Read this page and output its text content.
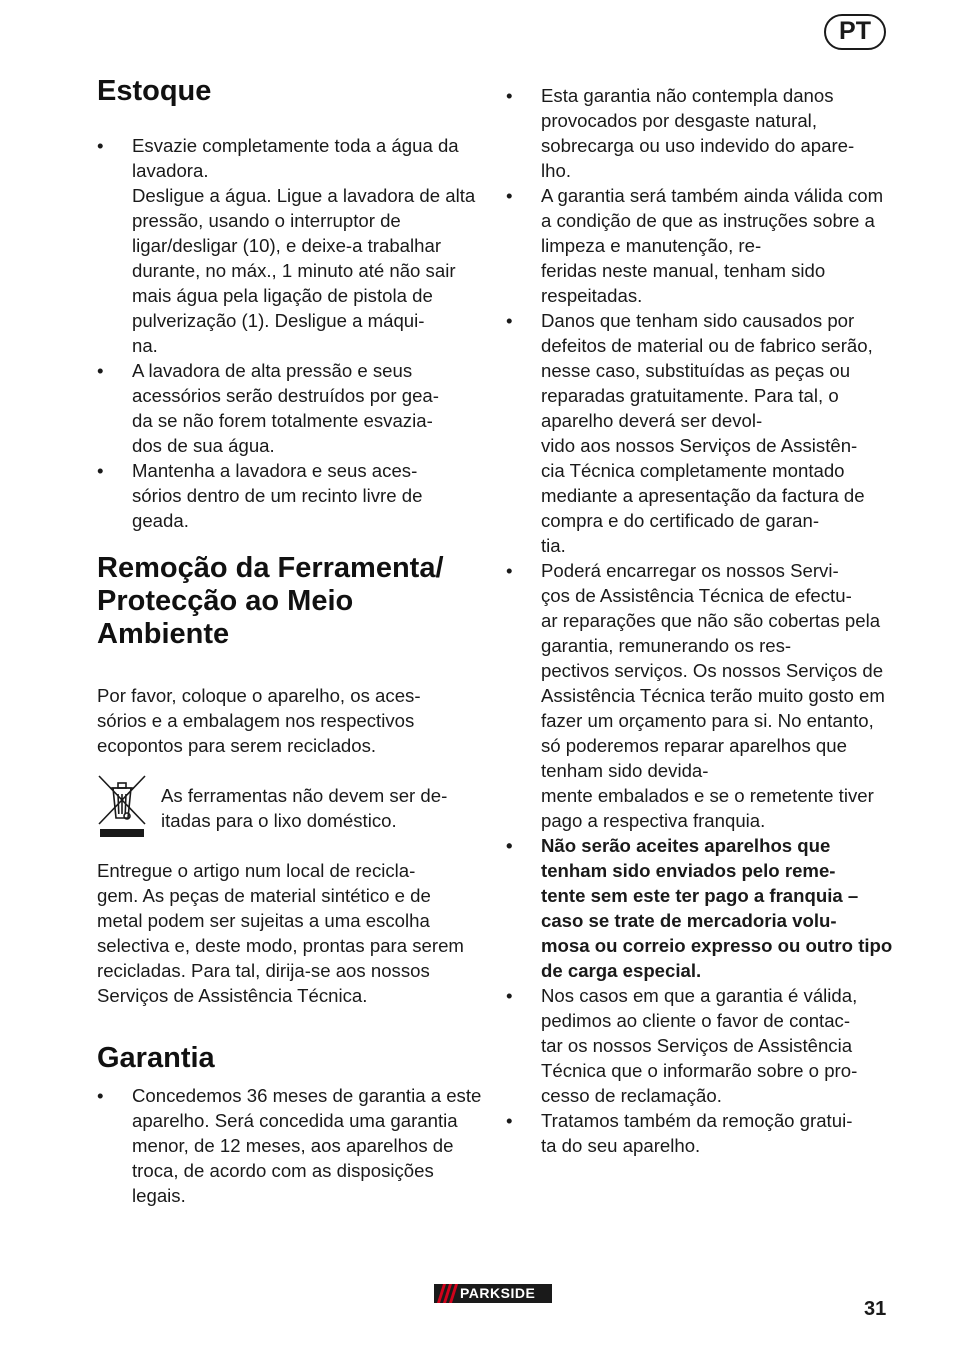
PT
Estoque
• Esvazie completamente toda a água da lavadora.
Desligue a água. Ligue a lavadora de alta pressão, usando o interruptor de ligar/desligar (10), e deixe-a trabalhar durante, no máx., 1 minuto até não sair mais água pela ligação de pistola de pulverização (1). Desligue a máqui-
na.
• A lavadora de alta pressão e seus acessórios serão destruídos por gea-
da se não forem totalmente esvazia-
dos de sua água.
• Mantenha a lavadora e seus aces-
sórios dentro de um recinto livre de geada.
Remoção da Ferramenta/
Protecção ao Meio
Ambiente

Por favor, coloque o aparelho, os aces-
sórios e a embalagem nos respectivos ecopontos para serem reciclados.

As ferramentas não devem ser de-
itadas para o lixo doméstico.

Entregue o artigo num local de recicla-
gem. As peças de material sintético e de metal podem ser sujeitas a uma escolha selectiva e, deste modo, prontas para serem recicladas. Para tal, dirija-se aos nossos Serviços de Assistência Técnica.

Garantia
• Concedemos 36 meses de garantia a este aparelho. Será concedida uma garantia menor, de 12 meses, aos aparelhos de troca, de acordo com as disposições legais.
• Esta garantia não contempla danos provocados por desgaste natural, sobrecarga ou uso indevido do apare-
lho.
• A garantia será também ainda válida com a condição de que as instruções sobre a limpeza e manutenção, re-
feridas neste manual, tenham sido respeitadas.
• Danos que tenham sido causados por defeitos de material ou de fabrico serão, nesse caso, substituídas as peças ou reparadas gratuitamente. Para tal, o aparelho deverá ser devol-
vido aos nossos Serviços de Assistên-
cia Técnica completamente montado mediante a apresentação da factura de compra e do certificado de garan-
tia.
• Poderá encarregar os nossos Servi-
ços de Assistência Técnica de efectu-
ar reparações que não são cobertas pela garantia, remunerando os res-
pectivos serviços. Os nossos Serviços de Assistência Técnica terão muito gosto em fazer um orçamento para si. No entanto, só poderemos reparar aparelhos que tenham sido devida-
mente embalados e se o remetente tiver pago a respectiva franquia.
• Não serão aceites aparelhos que tenham sido enviados pelo reme-
tente sem este ter pago a franquia – caso se trate de mercadoria volu-
mosa ou correio expresso ou outro tipo de carga especial.
• Nos casos em que a garantia é válida, pedimos ao cliente o favor de contac-
tar os nossos Serviços de Assistência Técnica que o informarão sobre o pro-
cesso de reclamação.
• Tratamos também da remoção gratui-
ta do seu aparelho.
PARKSIDE
31
